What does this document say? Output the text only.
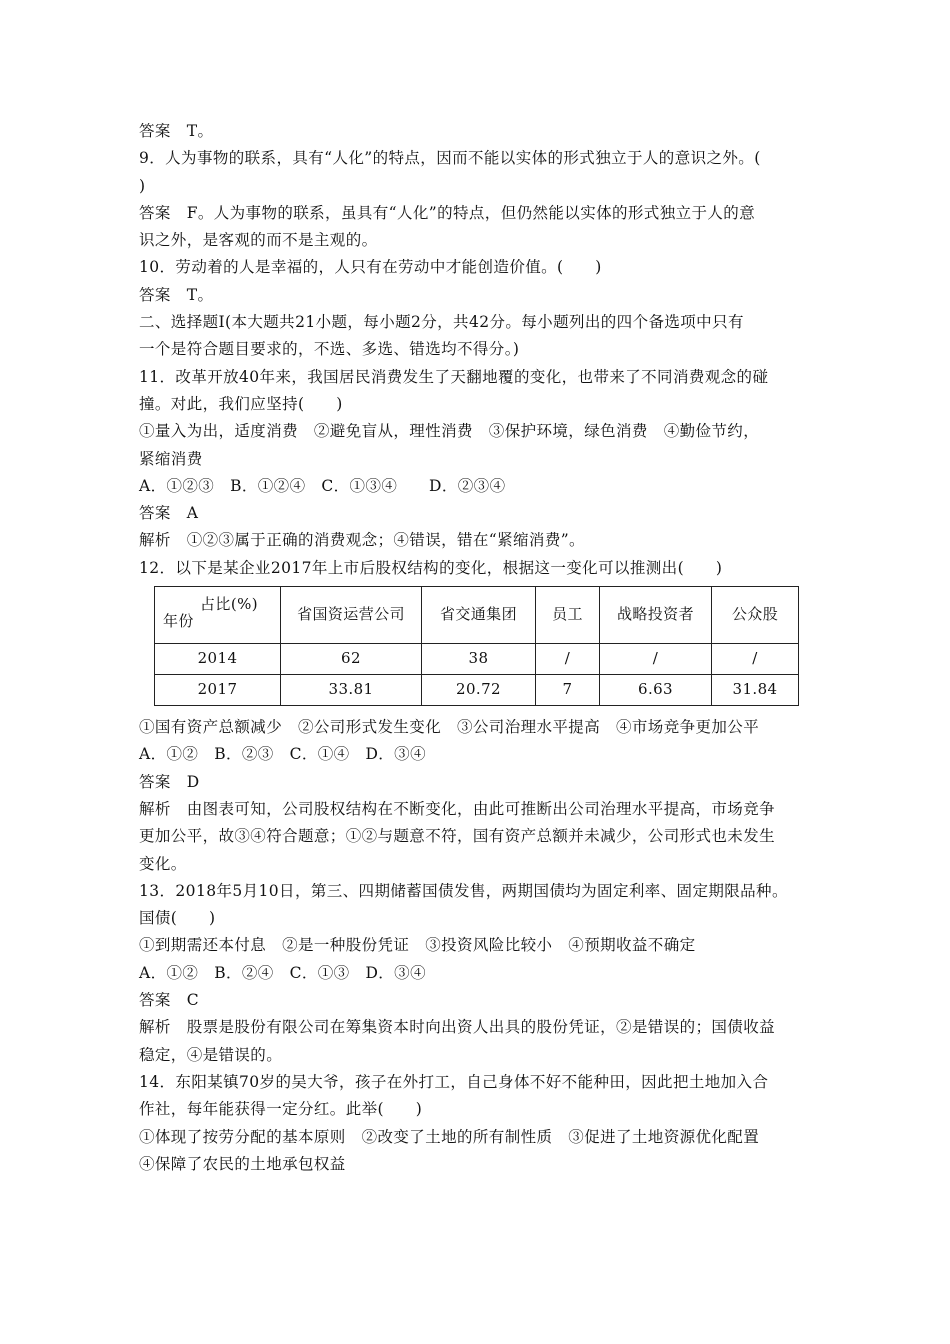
答案　T。
9．人为事物的联系，具有“人化”的特点，因而不能以实体的形式独立于人的意识之外。(
)
答案　F。人为事物的联系，虽具有“人化”的特点，但仍然能以实体的形式独立于人的意
识之外，是客观的而不是主观的。
10．劳动着的人是幸福的，人只有在劳动中才能创造价值。(　　)
答案　T。
二、选择题Ⅰ(本大题共21小题，每小题2分，共42分。每小题列出的四个备选项中只有
一个是符合题目要求的，不选、多选、错选均不得分。)
11．改革开放40年来，我国居民消费发生了天翻地覆的变化，也带来了不同消费观念的碰
撞。对此，我们应坚持(　　)
①量入为出，适度消费　②避免盲从，理性消费　③保护环境，绿色消费　④勤俭节约，
紧缩消费
A．①②③　B．①②④　C．①③④　　D．②③④
答案　A
解析　①②③属于正确的消费观念；④错误，错在“紧缩消费”。
12．以下是某企业2017年上市后股权结构的变化，根据这一变化可以推测出(　　)
占比(%)
年份	省国资运营公司	省交通集团	员工	战略投资者	公众股
2014	62	38	/	/	/
2017	33.81	20.72	7	6.63	31.84
①国有资产总额减少　②公司形式发生变化　③公司治理水平提高　④市场竞争更加公平
A．①②　B．②③　C．①④　D．③④
答案　D
解析　由图表可知，公司股权结构在不断变化，由此可推断出公司治理水平提高，市场竞争
更加公平，故③④符合题意；①②与题意不符，国有资产总额并未减少，公司形式也未发生
变化。
13．2018年5月10日，第三、四期储蓄国债发售，两期国债均为固定利率、固定期限品种。
国债(　　)
①到期需还本付息　②是一种股份凭证　③投资风险比较小　④预期收益不确定
A．①②　B．②④　C．①③　D．③④
答案　C
解析　股票是股份有限公司在筹集资本时向出资人出具的股份凭证，②是错误的；国债收益
稳定，④是错误的。
14．东阳某镇70岁的吴大爷，孩子在外打工，自己身体不好不能种田，因此把土地加入合
作社，每年能获得一定分红。此举(　　)
①体现了按劳分配的基本原则　②改变了土地的所有制性质　③促进了土地资源优化配置
④保障了农民的土地承包权益
